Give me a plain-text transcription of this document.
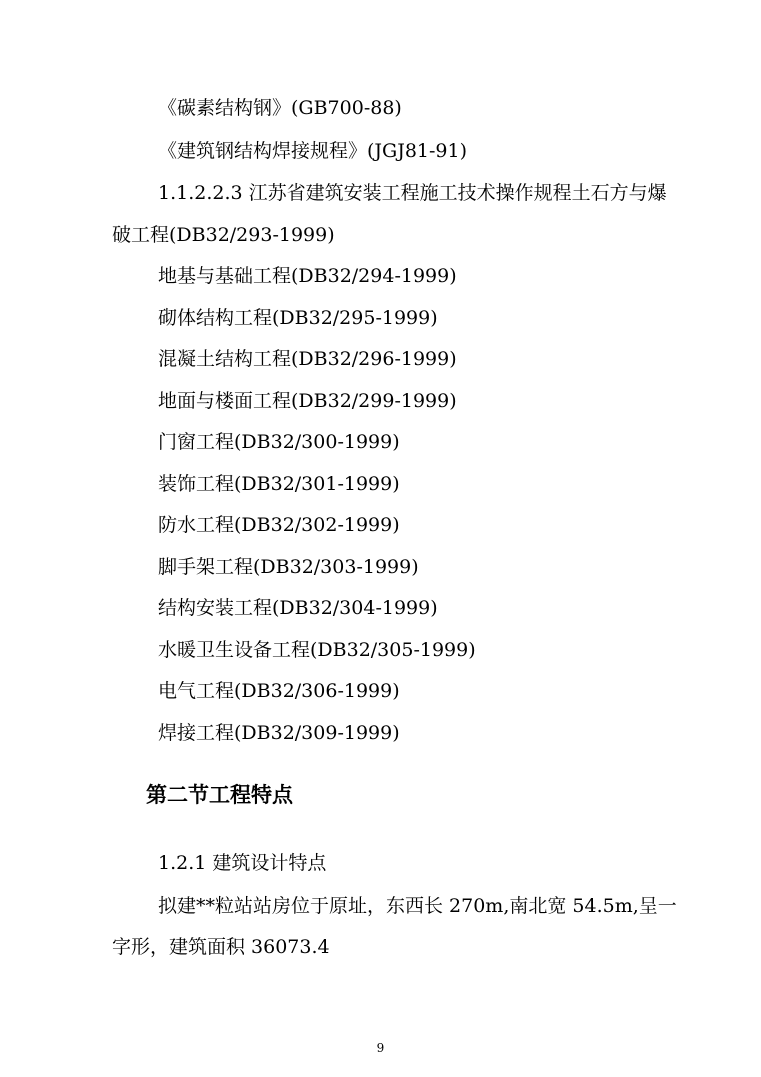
《碳素结构钢》(GB700-88)
《建筑钢结构焊接规程》(JGJ81-91)
1.1.2.2.3 江苏省建筑安装工程施工技术操作规程土石方与爆
破工程(DB32/293-1999)
地基与基础工程(DB32/294-1999)
砌体结构工程(DB32/295-1999)
混凝土结构工程(DB32/296-1999)
地面与楼面工程(DB32/299-1999)
门窗工程(DB32/300-1999)
装饰工程(DB32/301-1999)
防水工程(DB32/302-1999)
脚手架工程(DB32/303-1999)
结构安装工程(DB32/304-1999)
水暖卫生设备工程(DB32/305-1999)
电气工程(DB32/306-1999)
焊接工程(DB32/309-1999)
第二节工程特点
1.2.1 建筑设计特点
拟建**粒站站房位于原址，东西长 270m,南北宽 54.5m,呈一
字形，建筑面积 36073.4
9
